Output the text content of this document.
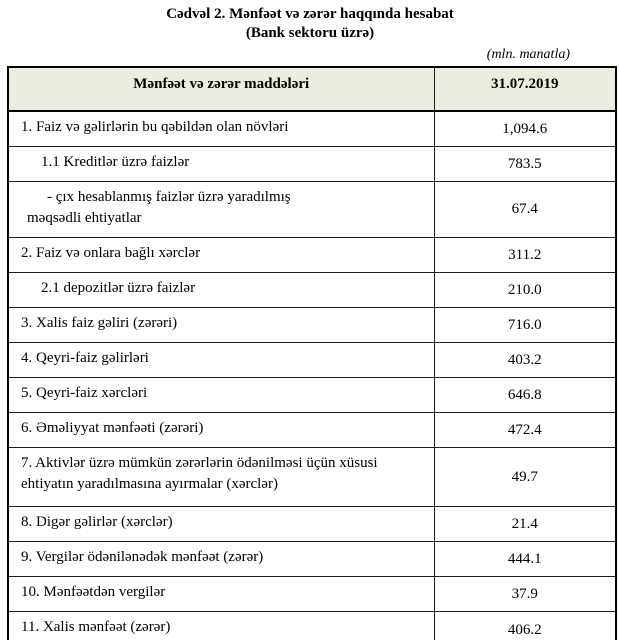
Cədvəl 2. Mənfəət və zərər haqqında hesabat
(Bank sektoru üzrə)
(mln. manatla)
Mənfəət və zərər maddələri	31.07.2019
1. Faiz və gəlirlərin bu qəbildən olan növləri	1,094.6
1.1 Kreditlər üzrə faizlər	783.5

- çıx hesablanmış faizlər üzrə yaradılmış
məqsədli ehtiyatlar	67.4
2. Faiz və onlara bağlı xərclər	311.2
2.1 depozitlər üzrə faizlər	210.0
3. Xalis faiz gəliri (zərəri)	716.0
4. Qeyri-faiz gəlirləri	403.2
5. Qeyri-faiz xərcləri	646.8
6. Əməliyyat mənfəəti (zərəri)	472.4

7. Aktivlər üzrə mümkün zərərlərin ödənilməsi üçün xüsusi
ehtiyatın yaradılmasına ayırmalar (xərclər)	49.7
8. Digər gəlirlər (xərclər)	21.4
9. Vergilər ödənilənədək mənfəət (zərər)	444.1
10. Mənfəətdən vergilər	37.9
11. Xalis mənfəət (zərər)	406.2
